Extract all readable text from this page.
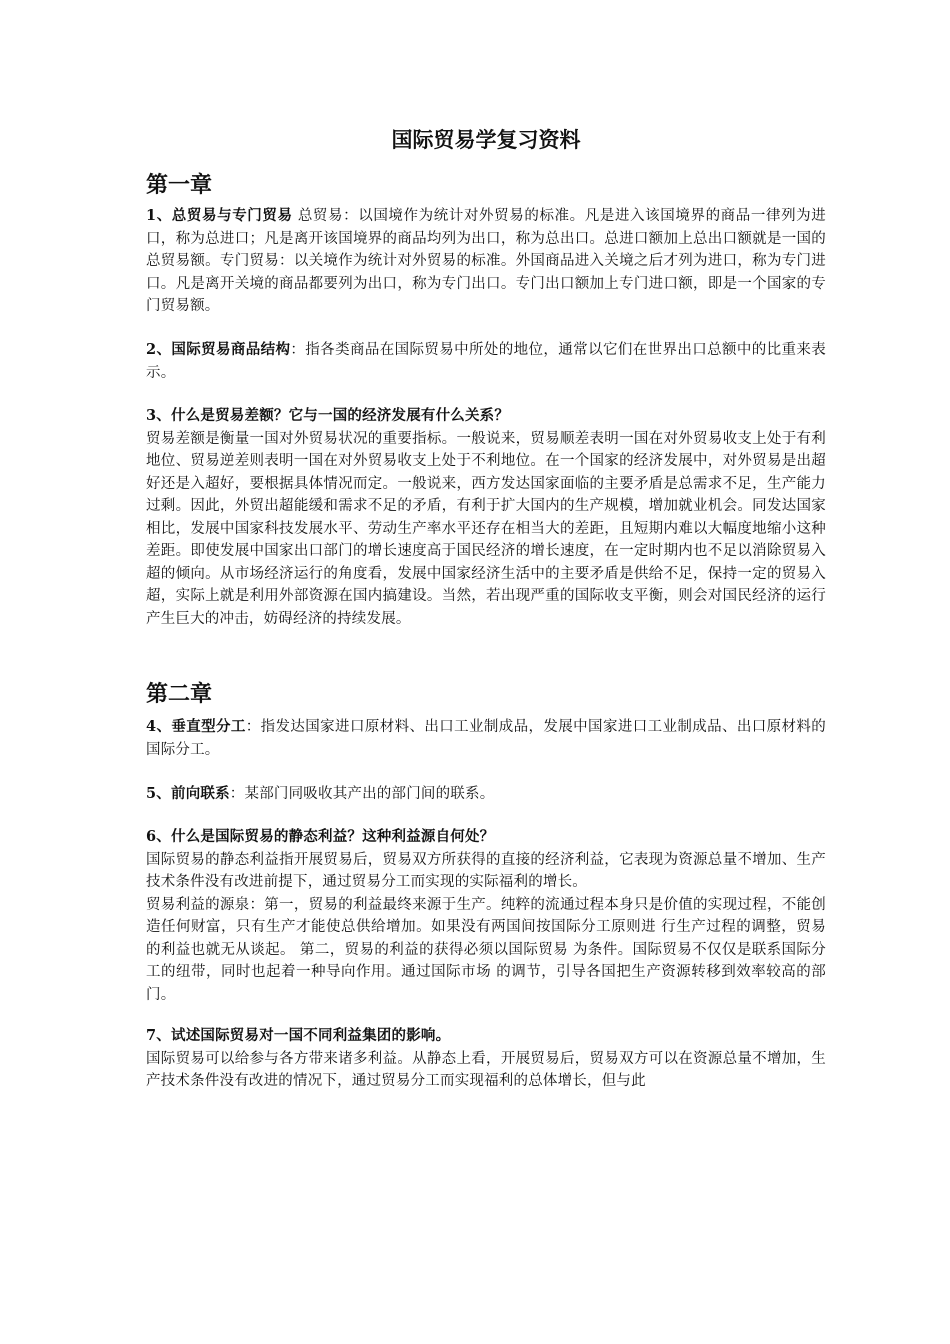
国际贸易学复习资料
第一章

1、总贸易与专门贸易 总贸易：以国境作为统计对外贸易的标准。凡是进入该国境界的商品一律列为进口，称为总进口；凡是离开该国境界的商品均列为出口，称为总出口。总进口额加上总出口额就是一国的总贸易额。专门贸易：以关境作为统计对外贸易的标准。外国商品进入关境之后才列为进口，称为专门进口。凡是离开关境的商品都要列为出口，称为专门出口。专门出口额加上专门进口额，即是一个国家的专门贸易额。

2、国际贸易商品结构：指各类商品在国际贸易中所处的地位，通常以它们在世界出口总额中的比重来表示。

3、什么是贸易差额？它与一国的经济发展有什么关系？

贸易差额是衡量一国对外贸易状况的重要指标。一般说来，贸易顺差表明一国在对外贸易收支上处于有利地位、贸易逆差则表明一国在对外贸易收支上处于不利地位。在一个国家的经济发展中，对外贸易是出超好还是入超好，要根据具体情况而定。一般说来，西方发达国家面临的主要矛盾是总需求不足，生产能力过剩。因此，外贸出超能缓和需求不足的矛盾，有利于扩大国内的生产规模，增加就业机会。同发达国家相比，发展中国家科技发展水平、劳动生产率水平还存在相当大的差距，且短期内难以大幅度地缩小这种差距。即使发展中国家出口部门的增长速度高于国民经济的增长速度，在一定时期内也不足以消除贸易入超的倾向。从市场经济运行的角度看，发展中国家经济生活中的主要矛盾是供给不足，保持一定的贸易入超，实际上就是利用外部资源在国内搞建设。当然，若出现严重的国际收支平衡，则会对国民经济的运行产生巨大的冲击，妨碍经济的持续发展。

第二章

4、垂直型分工：指发达国家进口原材料、出口工业制成品，发展中国家进口工业制成品、出口原材料的国际分工。

5、前向联系：某部门同吸收其产出的部门间的联系。

6、什么是国际贸易的静态利益？这种利益源自何处？

国际贸易的静态利益指开展贸易后，贸易双方所获得的直接的经济利益，它表现为资源总量不增加、生产技术条件没有改进前提下，通过贸易分工而实现的实际福利的增长。

贸易利益的源泉：第一，贸易的利益最终来源于生产。纯粹的流通过程本身只是价值的实现过程，不能创造任何财富，只有生产才能使总供给增加。如果没有两国间按国际分工原则进 行生产过程的调整，贸易的利益也就无从谈起。 第二，贸易的利益的获得必须以国际贸易 为条件。国际贸易不仅仅是联系国际分工的纽带，同时也起着一种导向作用。通过国际市场 的调节，引导各国把生产资源转移到效率较高的部门。

7、试述国际贸易对一国不同利益集团的影响。

国际贸易可以给参与各方带来诸多利益。从静态上看，开展贸易后，贸易双方可以在资源总量不增加，生产技术条件没有改进的情况下，通过贸易分工而实现福利的总体增长，但与此
